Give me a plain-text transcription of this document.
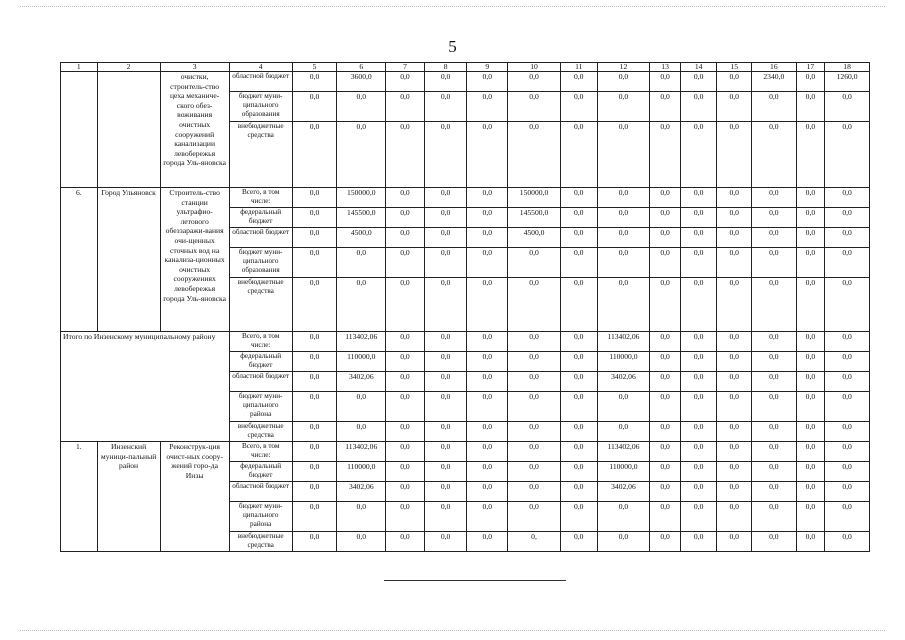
5
1	2	3	4	5	6	7	8	9	10	11	12	13	14	15	16	17	18
		очистки, строитель-ство цеха механиче-ского обез-воживания очистных сооружений канализации левобережья города Уль-яновска	областной бюджет	0,0	3600,0	0,0	0,0	0,0	0,0	0,0	0,0	0,0	0,0	0,0	2340,0	0,0	1260,0
			бюджет муни-ципального образования	0,0	0,0	0,0	0,0	0,0	0,0	0,0	0,0	0,0	0,0	0,0	0,0	0,0	0,0
			внебюджетные средства	0,0	0,0	0,0	0,0	0,0	0,0	0,0	0,0	0,0	0,0	0,0	0,0	0,0	0,0
6.	Город Ульяновск	Строитель-ство станции ультрафио-летового обеззаражи-вания очи-щенных сточных вод на канализа-ционных очистных сооружениях левобережья города Уль-яновска	Всего, в том числе:	0,0	150000,0	0,0	0,0	0,0	150000,0	0,0	0,0	0,0	0,0	0,0	0,0	0,0	0,0
			федеральный бюджет	0,0	145500,0	0,0	0,0	0,0	145500,0	0,0	0,0	0,0	0,0	0,0	0,0	0,0	0,0
			областной бюджет	0,0	4500,0	0,0	0,0	0,0	4500,0	0,0	0,0	0,0	0,0	0,0	0,0	0,0	0,0
			бюджет муни-ципального образования	0,0	0,0	0,0	0,0	0,0	0,0	0,0	0,0	0,0	0,0	0,0	0,0	0,0	0,0
			внебюджетные средства	0,0	0,0	0,0	0,0	0,0	0,0	0,0	0,0	0,0	0,0	0,0	0,0	0,0	0,0
Итого по Инзенскому муниципальному району			Всего, в том числе:	0,0	113402,06	0,0	0,0	0,0	0,0	0,0	113402,06	0,0	0,0	0,0	0,0	0,0	0,0
			федеральный бюджет	0,0	110000,0	0,0	0,0	0,0	0,0	0,0	110000,0	0,0	0,0	0,0	0,0	0,0	0,0
			областной бюджет	0,0	3402,06	0,0	0,0	0,0	0,0	0,0	3402,06	0,0	0,0	0,0	0,0	0,0	0,0
			бюджет муни-ципального района	0,0	0,0	0,0	0,0	0,0	0,0	0,0	0,0	0,0	0,0	0,0	0,0	0,0	0,0
			внебюджетные средства	0,0	0,0	0,0	0,0	0,0	0,0	0,0	0,0	0,0	0,0	0,0	0,0	0,0	0,0
1.	Инзенский муници-пальный район	Реконструк-ция очист-ных соору-жений горо-да Инзы	Всего, в том числе:	0,0	113402,06	0,0	0,0	0,0	0,0	0,0	113402,06	0,0	0,0	0,0	0,0	0,0	0,0
			федеральный бюджет	0,0	110000,0	0,0	0,0	0,0	0,0	0,0	110000,0	0,0	0,0	0,0	0,0	0,0	0,0
			областной бюджет	0,0	3402,06	0,0	0,0	0,0	0,0	0,0	3402,06	0,0	0,0	0,0	0,0	0,0	0,0
			бюджет муни-ципального района	0,0	0,0	0,0	0,0	0,0	0,0	0,0	0,0	0,0	0,0	0,0	0,0	0,0	0,0
			внебюджетные средства	0,0	0,0	0,0	0,0	0,0	0,	0,0	0,0	0,0	0,0	0,0	0,0	0,0	0,0
